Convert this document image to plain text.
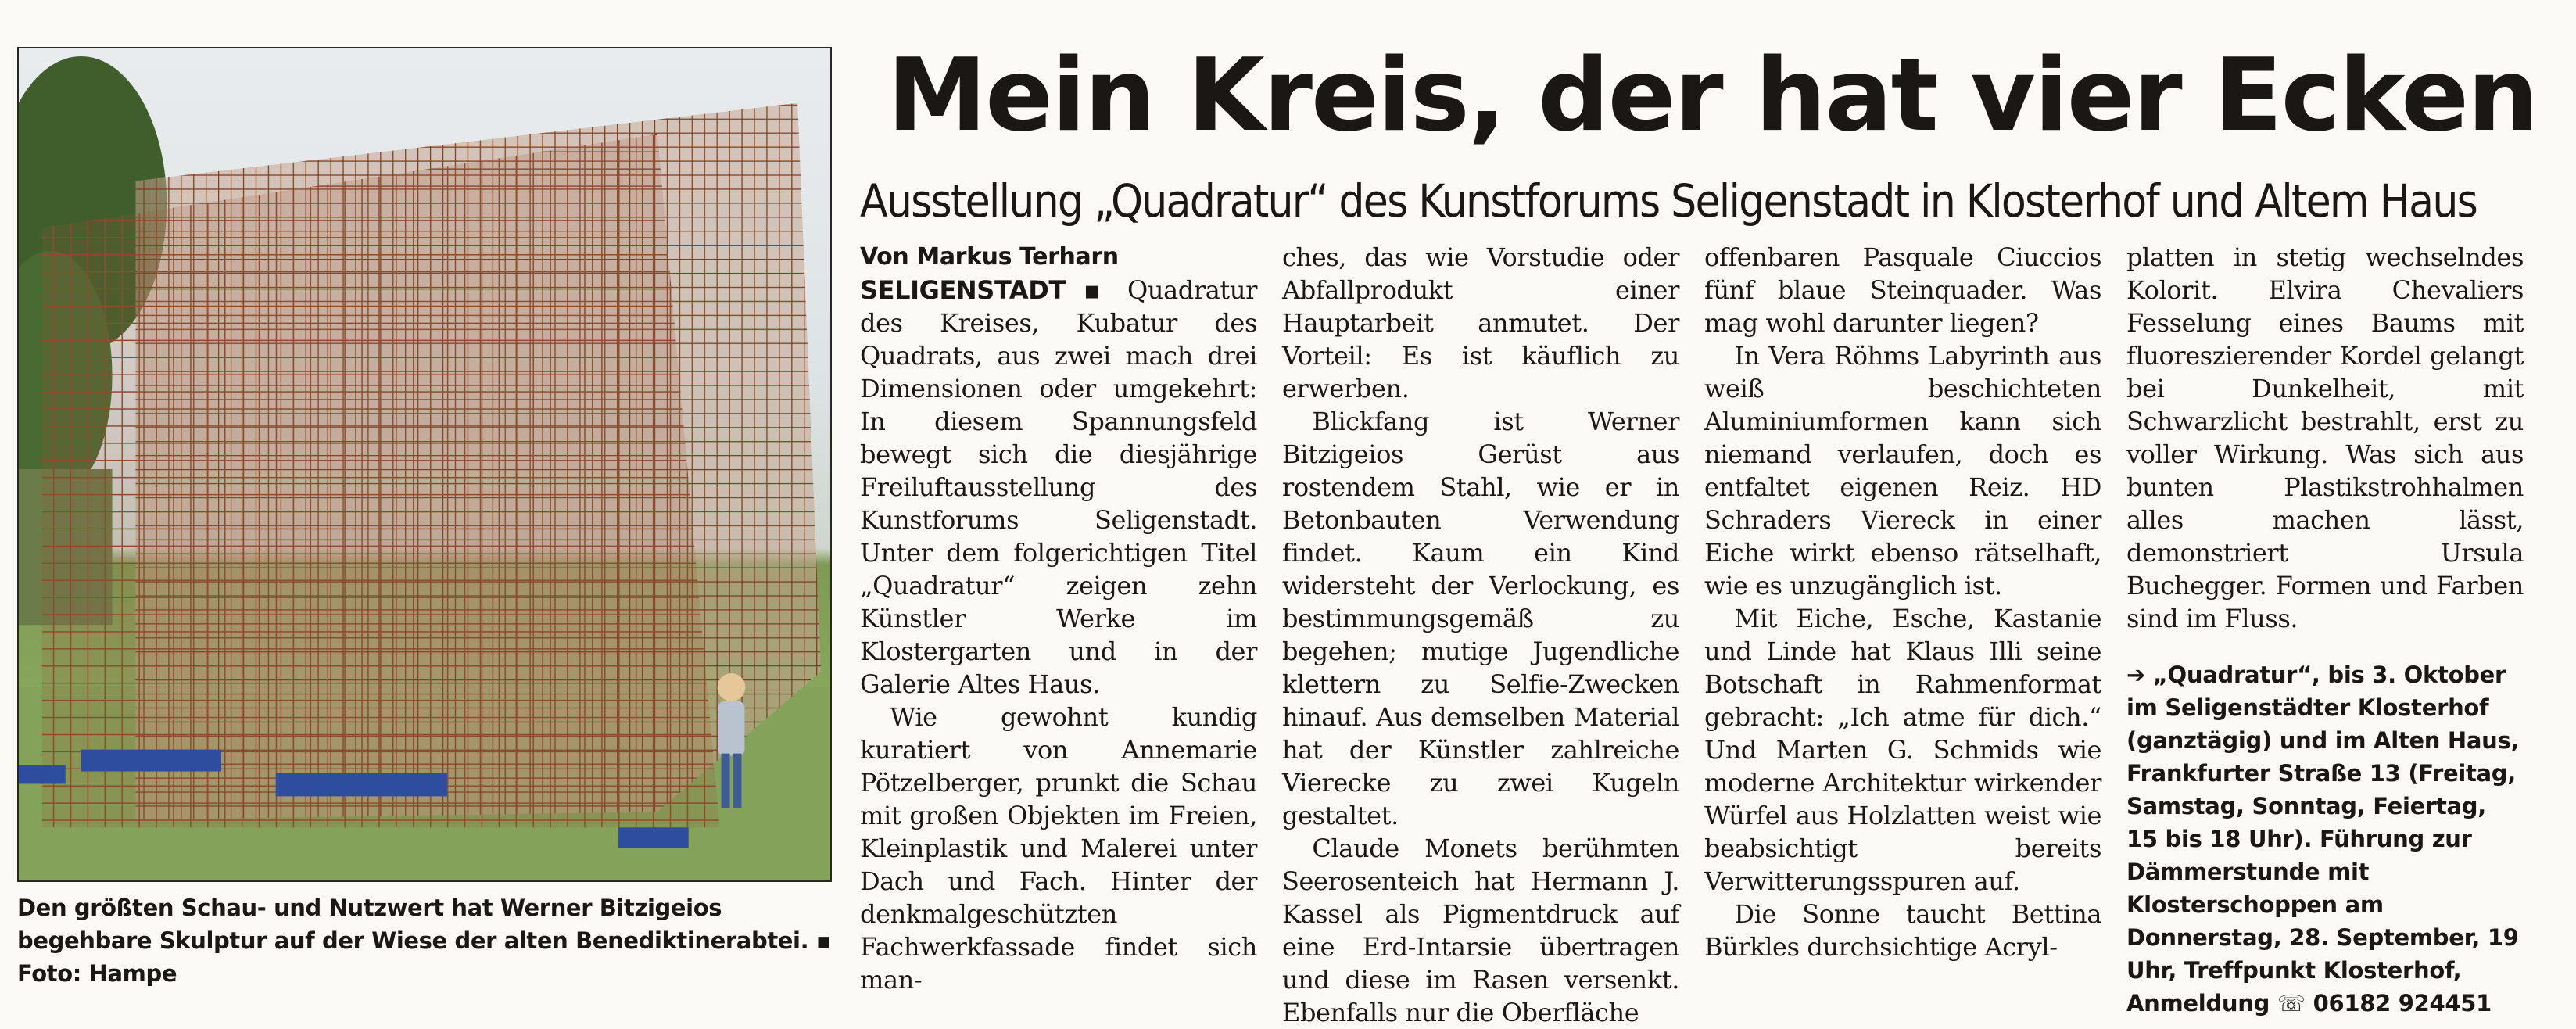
Den größten Schau- und Nutzwert hat Werner Bitzigeios begehbare Skulptur auf der Wiese der alten Benediktinerabtei. ▪ Foto: Hampe
Mein Kreis, der hat vier Ecken
Ausstellung „Quadratur“ des Kunstforums Seligenstadt in Klosterhof und Altem Haus

Von Markus Terharn

SELIGENSTADT ▪ Quadratur des Kreises, Kubatur des Quadrats, aus zwei mach drei Dimensionen oder umgekehrt: In diesem Spannungsfeld bewegt sich die diesjährige Freiluftausstellung des Kunstforums Seligenstadt. Unter dem folgerichtigen Titel „Quadratur“ zeigen zehn Künstler Werke im Klostergarten und in der Galerie Altes Haus.

Wie gewohnt kundig kuratiert von Annemarie Pötzelberger, prunkt die Schau mit großen Objekten im Freien, Kleinplastik und Malerei unter Dach und Fach. Hinter der denkmalgeschützten Fachwerkfassade findet sich man-

ches, das wie Vorstudie oder Abfallprodukt einer Hauptarbeit anmutet. Der Vorteil: Es ist käuflich zu erwerben.

Blickfang ist Werner Bitzigeios Gerüst aus rostendem Stahl, wie er in Betonbauten Verwendung findet. Kaum ein Kind widersteht der Verlockung, es bestimmungsgemäß zu begehen; mutige Jugendliche klettern zu Selfie-Zwecken hinauf. Aus demselben Material hat der Künstler zahlreiche Vierecke zu zwei Kugeln gestaltet.

Claude Monets berühmten Seerosenteich hat Hermann J. Kassel als Pigmentdruck auf eine Erd-Intarsie übertragen und diese im Rasen versenkt. Ebenfalls nur die Oberfläche

offenbaren Pasquale Ciuccios fünf blaue Steinquader. Was mag wohl darunter liegen?

In Vera Röhms Labyrinth aus weiß beschichteten Aluminiumformen kann sich niemand verlaufen, doch es entfaltet eigenen Reiz. HD Schraders Viereck in einer Eiche wirkt ebenso rätselhaft, wie es unzugänglich ist.

Mit Eiche, Esche, Kastanie und Linde hat Klaus Illi seine Botschaft in Rahmenformat gebracht: „Ich atme für dich.“ Und Marten G. Schmids wie moderne Architektur wirkender Würfel aus Holzlatten weist wie beabsichtigt bereits Verwitterungsspuren auf.

Die Sonne taucht Bettina Bürkles durchsichtige Acryl-

platten in stetig wechselndes Kolorit. Elvira Chevaliers Fesselung eines Baums mit fluoreszierender Kordel gelangt bei Dunkelheit, mit Schwarzlicht bestrahlt, erst zu voller Wirkung. Was sich aus bunten Plastikstrohhalmen alles machen lässt, demonstriert Ursula Buchegger. Formen und Farben sind im Fluss.

➔ „Quadratur“, bis 3. Oktober im Seligenstädter Klosterhof (ganztägig) und im Alten Haus, Frankfurter Straße 13 (Freitag, Samstag, Sonntag, Feiertag, 15 bis 18 Uhr). Führung zur Dämmerstunde mit Klosterschoppen am Donnerstag, 28. September, 19 Uhr, Treffpunkt Klosterhof, Anmeldung ☏ 06182 924451
